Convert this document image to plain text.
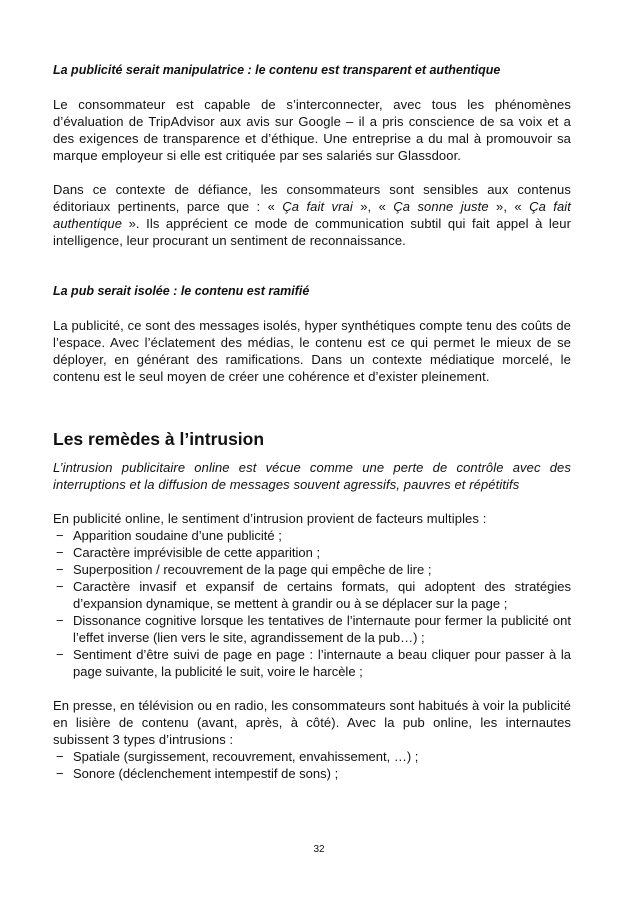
La publicité serait manipulatrice : le contenu est transparent et authentique

Le consommateur est capable de s’interconnecter, avec tous les phénomènes d’évaluation de TripAdvisor aux avis sur Google – il a pris conscience de sa voix et a des exigences de transparence et d’éthique. Une entreprise a du mal à promouvoir sa marque employeur si elle est critiquée par ses salariés sur Glassdoor.

Dans ce contexte de défiance, les consommateurs sont sensibles aux contenus éditoriaux pertinents, parce que : « Ça fait vrai », « Ça sonne juste », « Ça fait authentique ». Ils apprécient ce mode de communication subtil qui fait appel à leur intelligence, leur procurant un sentiment de reconnaissance.

La pub serait isolée : le contenu est ramifié

La publicité, ce sont des messages isolés, hyper synthétiques compte tenu des coûts de l’espace. Avec l’éclatement des médias, le contenu est ce qui permet le mieux de se déployer, en générant des ramifications. Dans un contexte médiatique morcelé, le contenu est le seul moyen de créer une cohérence et d’exister pleinement.

Les remèdes à l’intrusion

L’intrusion publicitaire online est vécue comme une perte de contrôle avec des interruptions et la diffusion de messages souvent agressifs, pauvres et répétitifs

En publicité online, le sentiment d’intrusion provient de facteurs multiples :

− Apparition soudaine d’une publicité ;
− Caractère imprévisible de cette apparition ;
− Superposition / recouvrement de la page qui empêche de lire ;
− Caractère invasif et expansif de certains formats, qui adoptent des stratégies d’expansion dynamique, se mettent à grandir ou à se déplacer sur la page ;
− Dissonance cognitive lorsque les tentatives de l’internaute pour fermer la publicité ont l’effet inverse (lien vers le site, agrandissement de la pub…) ;
− Sentiment d’être suivi de page en page : l’internaute a beau cliquer pour passer à la page suivante, la publicité le suit, voire le harcèle ;

En presse, en télévision ou en radio, les consommateurs sont habitués à voir la publicité en lisière de contenu (avant, après, à côté). Avec la pub online, les internautes subissent 3 types d’intrusions :

− Spatiale (surgissement, recouvrement, envahissement, …) ;
− Sonore (déclenchement intempestif de sons) ;
32
